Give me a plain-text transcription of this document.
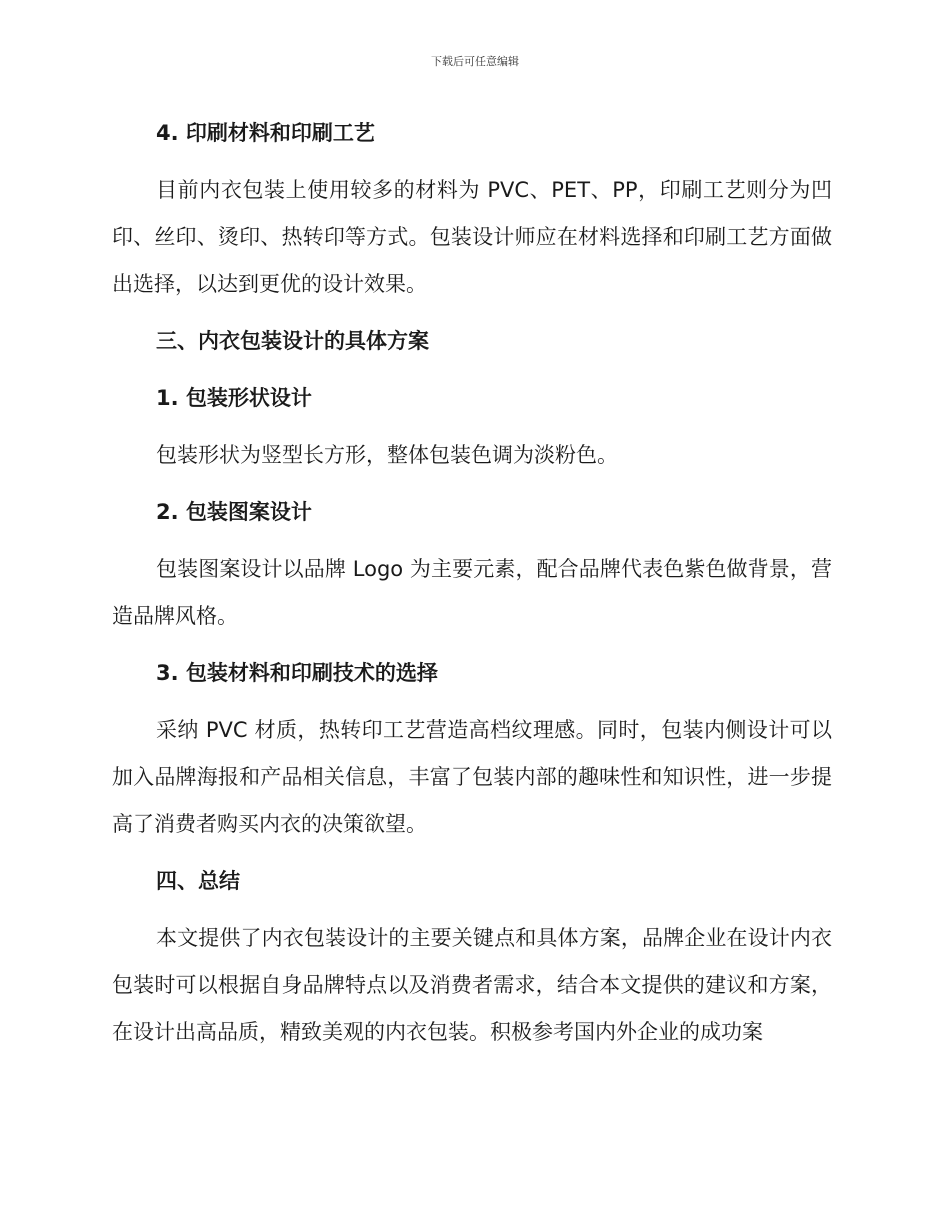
下载后可任意编辑

4. 印刷材料和印刷工艺

目前内衣包装上使用较多的材料为 PVC、PET、PP，印刷工艺则分为凹印、丝印、烫印、热转印等方式。包装设计师应在材料选择和印刷工艺方面做出选择，以达到更优的设计效果。

三、内衣包装设计的具体方案

1. 包装形状设计

包装形状为竖型长方形，整体包装色调为淡粉色。

2. 包装图案设计

包装图案设计以品牌 Logo 为主要元素，配合品牌代表色紫色做背景，营造品牌风格。

3. 包装材料和印刷技术的选择

采纳 PVC 材质，热转印工艺营造高档纹理感。同时，包装内侧设计可以加入品牌海报和产品相关信息，丰富了包装内部的趣味性和知识性，进一步提高了消费者购买内衣的决策欲望。

四、总结

本文提供了内衣包装设计的主要关键点和具体方案，品牌企业在设计内衣包装时可以根据自身品牌特点以及消费者需求，结合本文提供的建议和方案，在设计出高品质，精致美观的内衣包装。积极参考国内外企业的成功案
